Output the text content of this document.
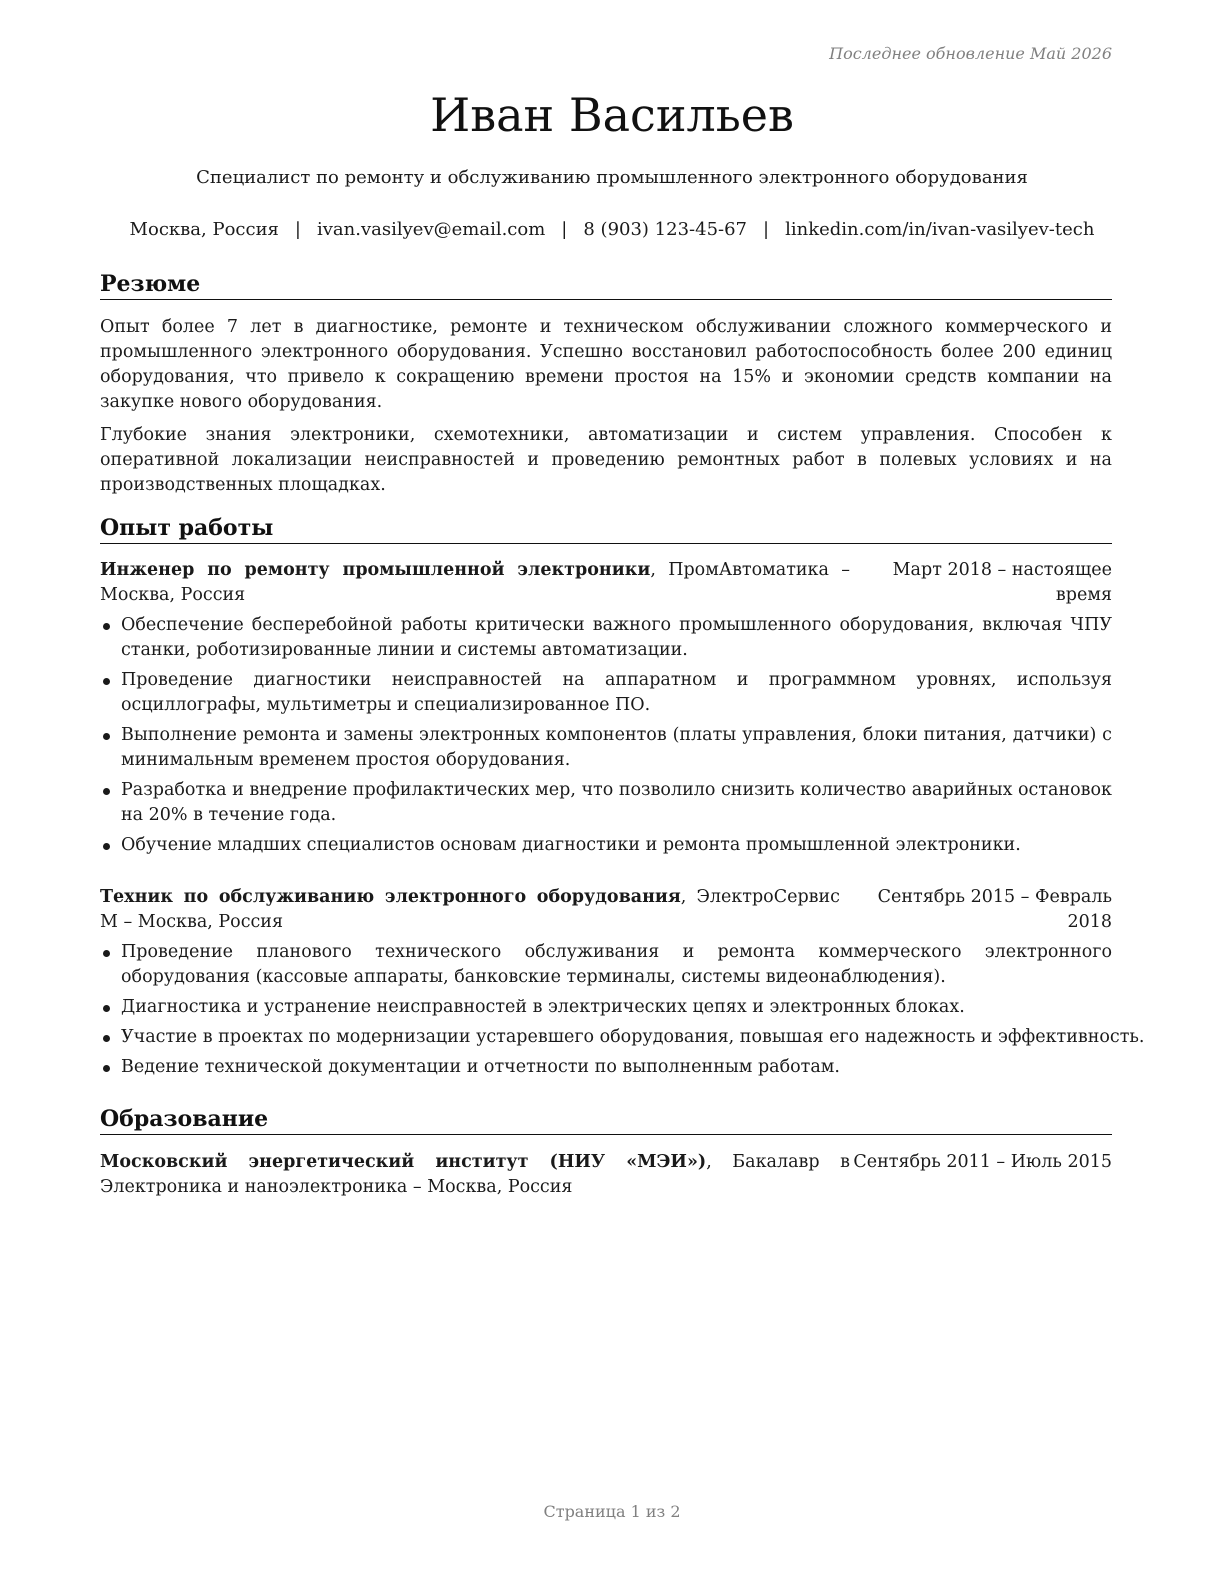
Последнее обновление Май 2026
Иван Васильев
Специалист по ремонту и обслуживанию промышленного электронного оборудования
Москва, Россия | ivan.vasilyev@email.com | 8 (903) 123-45-67 | linkedin.com/in/ivan-vasilyev-tech
Резюме

Опыт более 7 лет в диагностике, ремонте и техническом обслуживании сложного коммерческого и промышленного электронного оборудования. Успешно восстановил работоспособность более 200 единиц оборудования, что привело к сокращению времени простоя на 15% и экономии средств компании на закупке нового оборудования.

Глубокие знания электроники, схемотехники, автоматизации и систем управления. Способен к оперативной локализации неисправностей и проведению ремонтных работ в полевых условиях и на производственных площадках.

Опыт работы
Инженер по ремонту промышленной электроники, ПромАвтоматика – Москва, Россия
Март 2018 – настоящее время
Обеспечение бесперебойной работы критически важного промышленного оборудования, включая ЧПУ станки, роботизированные линии и системы автоматизации.
Проведение диагностики неисправностей на аппаратном и программном уровнях, используя осциллографы, мультиметры и специализированное ПО.
Выполнение ремонта и замены электронных компонентов (платы управления, блоки питания, датчики) с минимальным временем простоя оборудования.
Разработка и внедрение профилактических мер, что позволило снизить количество аварийных остановок на 20% в течение года.
Обучение младших специалистов основам диагностики и ремонта промышленной электроники.
Техник по обслуживанию электронного оборудования, ЭлектроСервис М – Москва, Россия
Сентябрь 2015 – Февраль 2018
Проведение планового технического обслуживания и ремонта коммерческого электронного оборудования (кассовые аппараты, банковские терминалы, системы видеонаблюдения).
Диагностика и устранение неисправностей в электрических цепях и электронных блоках.
Участие в проектах по модернизации устаревшего оборудования, повышая его надежность и эффективность.
Ведение технической документации и отчетности по выполненным работам.
Образование
Московский энергетический институт (НИУ «МЭИ»), Бакалавр в Электроника и наноэлектроника – Москва, Россия
Сентябрь 2011 – Июль 2015
Страница 1 из 2
